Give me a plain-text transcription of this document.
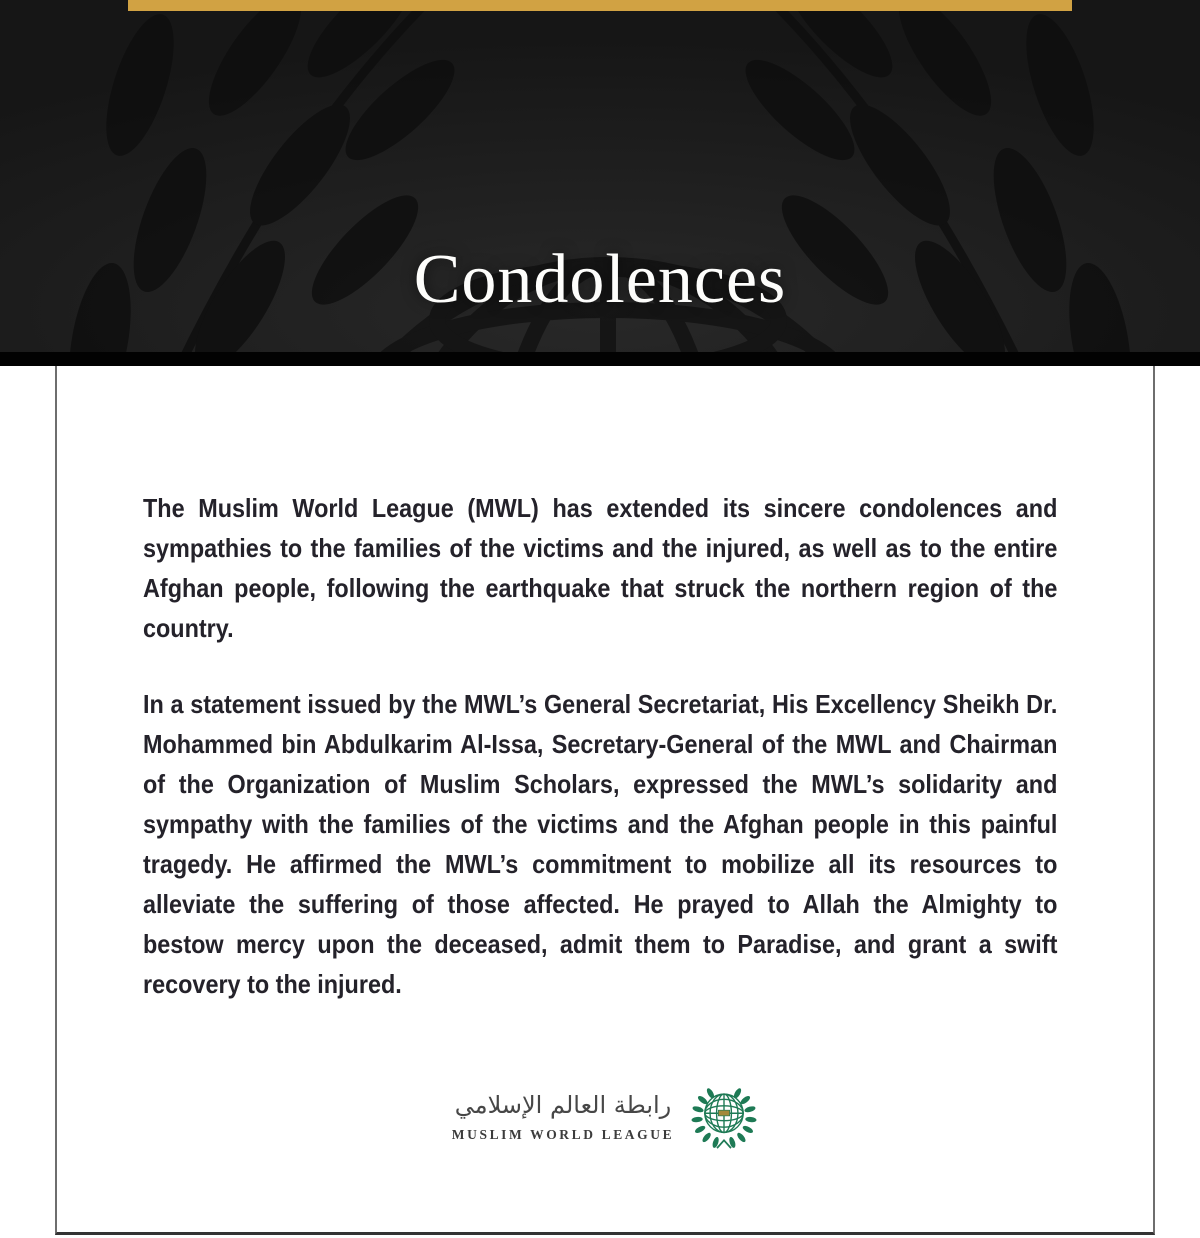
Condolences

The Muslim World League (MWL) has extended its sincere condolences and sympathies to the families of the victims and the injured, as well as to the entire Afghan people, following the earthquake that struck the northern region of the country.

In a statement issued by the MWL’s General Secretariat, His Excellency Sheikh Dr. Mohammed bin Abdulkarim Al-Issa, Secretary-General of the MWL and Chairman of the Organization of Muslim Scholars, expressed the MWL’s solidarity and sympathy with the families of the victims and the Afghan people in this painful tragedy. He affirmed the MWL’s commitment to mobilize all its resources to alleviate the suffering of those affected. He prayed to Allah the Almighty to bestow mercy upon the deceased, admit them to Paradise, and grant a swift recovery to the injured.

رابطة العالم الإسلامي
MUSLIM WORLD LEAGUE
